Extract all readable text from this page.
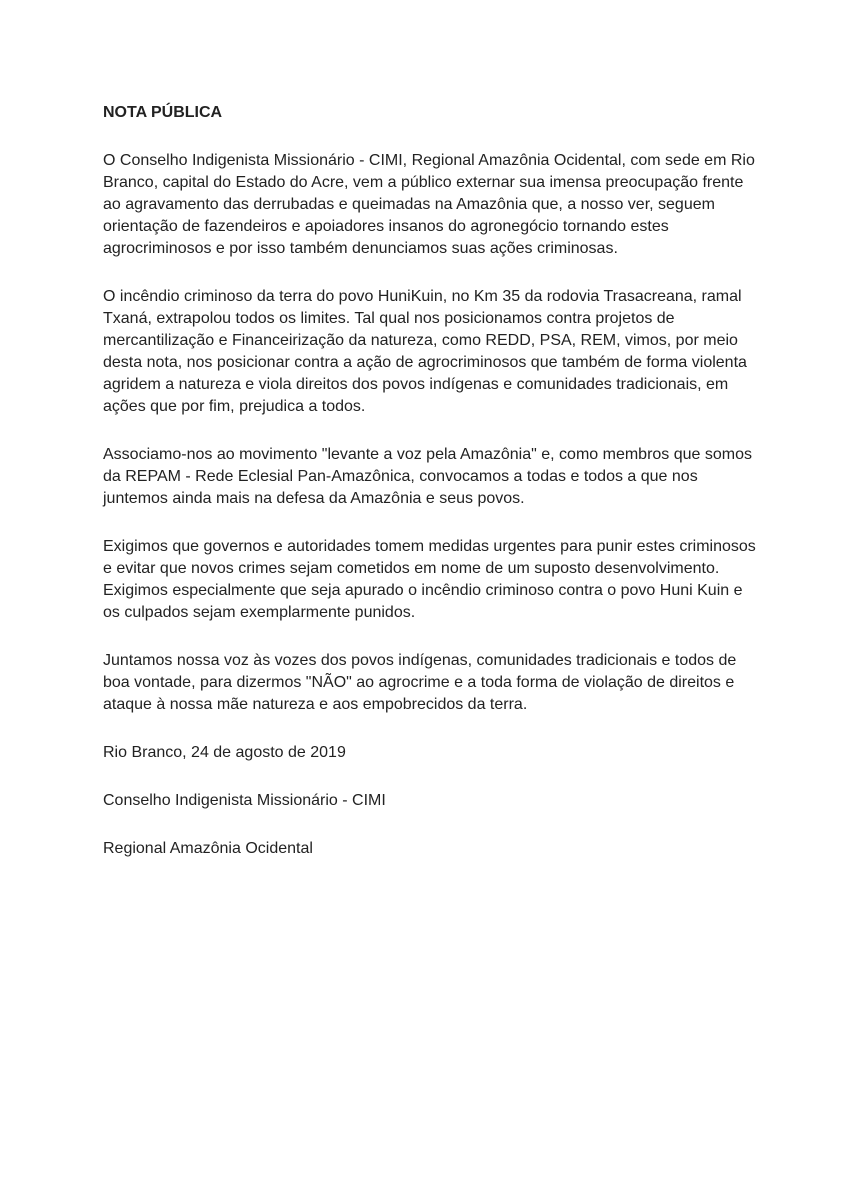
NOTA PÚBLICA
O Conselho Indigenista Missionário - CIMI, Regional Amazônia Ocidental, com sede em Rio
Branco, capital do Estado do Acre, vem a público externar sua imensa preocupação frente
ao agravamento das derrubadas e queimadas na Amazônia que, a nosso ver, seguem
orientação de fazendeiros e apoiadores insanos do agronegócio tornando estes
agrocriminosos e por isso também denunciamos suas ações criminosas.
O incêndio criminoso da terra do povo HuniKuin, no Km 35 da rodovia Trasacreana, ramal
Txaná, extrapolou todos os limites. Tal qual nos posicionamos contra projetos de
mercantilização e Financeirização da natureza, como REDD, PSA, REM, vimos, por meio
desta nota, nos posicionar contra a ação de agrocriminosos que também de forma violenta
agridem a natureza e viola direitos dos povos indígenas e comunidades tradicionais, em
ações que por fim, prejudica a todos.
Associamo-nos ao movimento "levante a voz pela Amazônia" e, como membros que somos
da REPAM - Rede Eclesial Pan-Amazônica, convocamos a todas e todos a que nos
juntemos ainda mais na defesa da Amazônia e seus povos.
Exigimos que governos e autoridades tomem medidas urgentes para punir estes criminosos
e evitar que novos crimes sejam cometidos em nome de um suposto desenvolvimento.
Exigimos especialmente que seja apurado o incêndio criminoso contra o povo Huni Kuin e
os culpados sejam exemplarmente punidos.
Juntamos nossa voz às vozes dos povos indígenas, comunidades tradicionais e todos de
boa vontade, para dizermos "NÃO" ao agrocrime e a toda forma de violação de direitos e
ataque à nossa mãe natureza e aos empobrecidos da terra.
Rio Branco, 24 de agosto de 2019
Conselho Indigenista Missionário - CIMI
Regional Amazônia Ocidental
